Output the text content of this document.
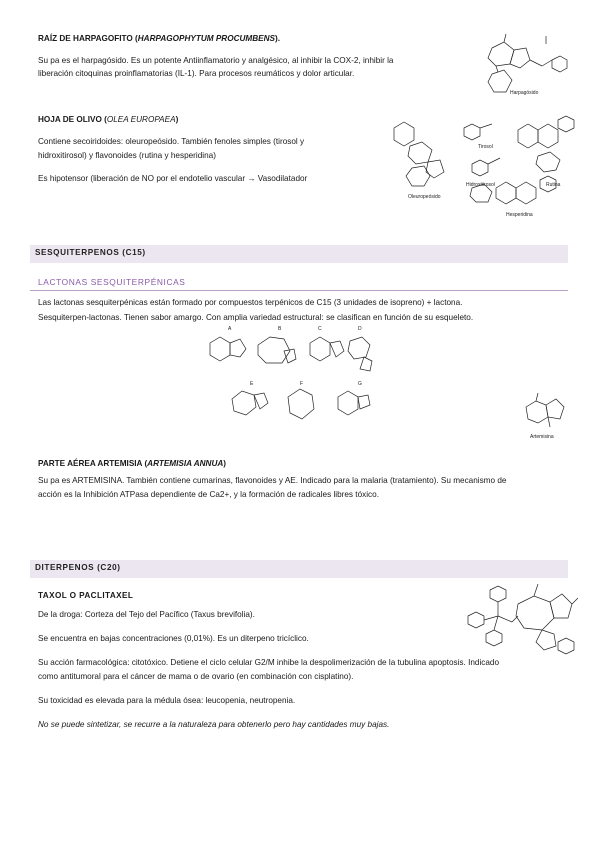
RAÍZ DE HARPAGOFITO (HARPAGOPHYTUM PROCUMBENS).
Su pa es el harpagósido. Es un potente Antiinflamatorio y analgésico, al inhibir la COX-2, inhibir la
liberación citoquinas proinflamatorias (IL-1). Para procesos reumáticos y dolor articular.
Harpagósido
HOJA DE OLIVO (OLEA EUROPAEA)
Contiene secoiridoides: oleuropeósido. También fenoles simples (tirosol y
hidroxitirosol) y flavonoides (rutina y hesperidina)
Es hipotensor (liberación de NO por el endotelio vascular → Vasodilatador
Oleuropeósido
Tirosol
Rutina
Hidroxitirosol
Hesperidina
SESQUITERPENOS (C15)
LACTONAS SESQUITERPÉNICAS
Las lactonas sesquiterpénicas están formado por compuestos terpénicos de C15 (3 unidades de isopreno) + lactona.
Sesquiterpen-lactonas. Tienen sabor amargo. Con amplia variedad estructural: se clasifican en función de su esqueleto.
A	B	C	D
E	F	G
Artemisina
PARTE AÉREA ARTEMISIA (ARTEMISIA ANNUA)
Su pa es ARTEMISINA. También contiene cumarinas, flavonoides y AE. Indicado para la malaria (tratamiento). Su mecanismo de
acción es la Inhibición ATPasa dependiente de Ca2+, y la formación de radicales libres tóxico.
DITERPENOS (C20)
TAXOL O PACLITAXEL
De la droga: Corteza del Tejo del Pacífico (Taxus brevifolia).
Se encuentra en bajas concentraciones (0,01%). Es un diterpeno tricíclico.
Su acción farmacológica: citotóxico. Detiene el ciclo celular G2/M inhibe la despolimerización de la tubulina apoptosis. Indicado
como antitumoral para el cáncer de mama o de ovario (en combinación con cisplatino).
Su toxicidad es elevada para la médula ósea: leucopenia, neutropenia.
No se puede sintetizar, se recurre a la naturaleza para obtenerlo pero hay cantidades muy bajas.
